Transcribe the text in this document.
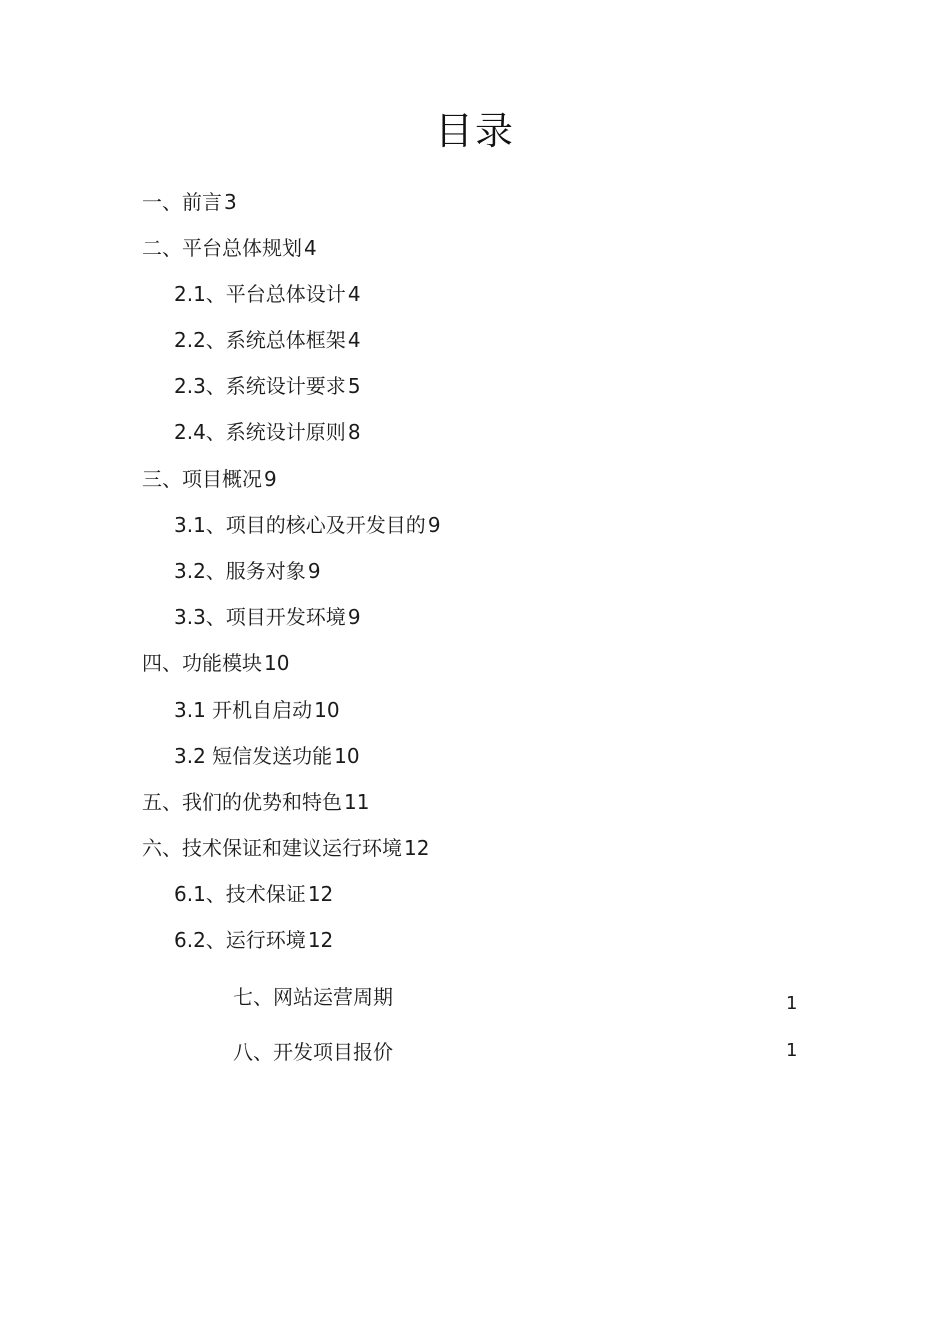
目录
一、前言 3
二、平台总体规划 4
2.1、平台总体设计 4
2.2、系统总体框架 4
2.3、系统设计要求 5
2.4、系统设计原则 8
三、项目概况 9
3.1、项目的核心及开发目的 9
3.2、服务对象 9
3.3、项目开发环境 9
四、功能模块 10
3.1 开机自启动 10
3.2 短信发送功能 10
五、我们的优势和特色 11
六、技术保证和建议运行环境 12
6.1、技术保证 12
6.2、运行环境 12
七、网站运营周期	1
八、开发项目报价	1
